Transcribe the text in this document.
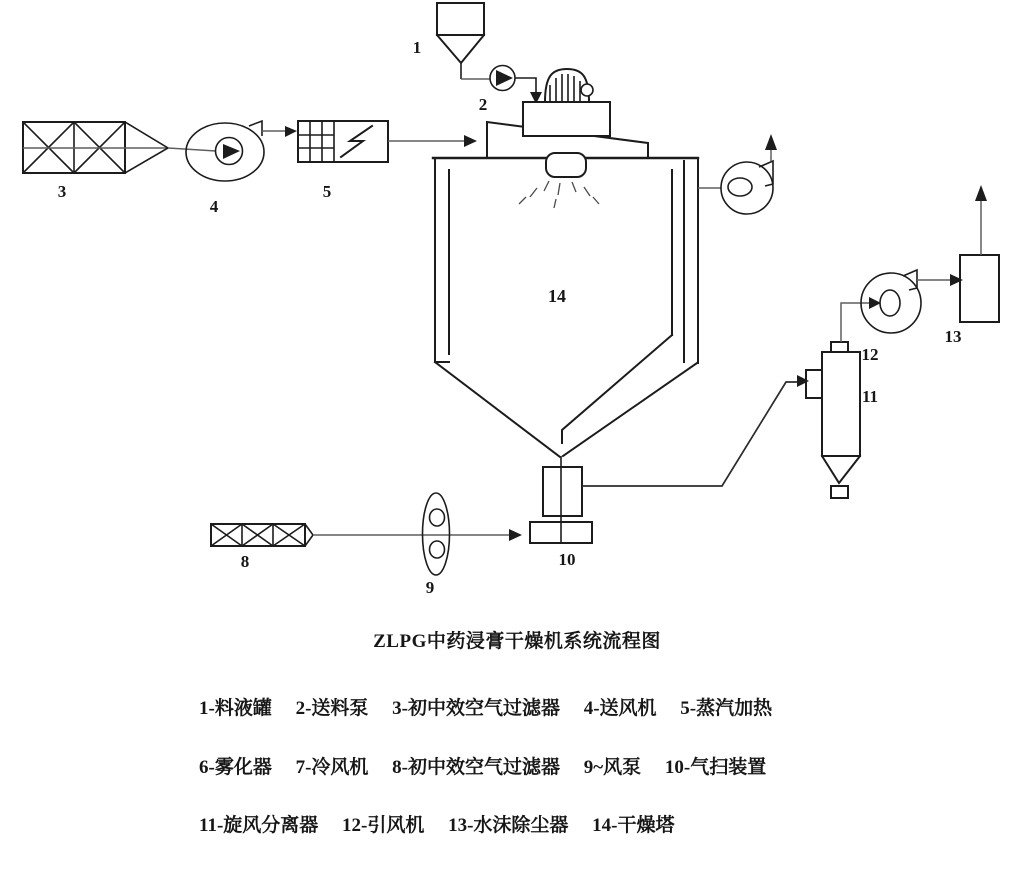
1
2
3
4
5
14
8
9
10
11
12
13
ZLPG中药浸膏干燥机系统流程图

1-料液罐　 2-送料泵　 3-初中效空气过滤器　 4-送风机　 5-蒸汽加热

6-雾化器　 7-冷风机　 8-初中效空气过滤器　 9~风泵　 10-气扫装置

11-旋风分离器　 12-引风机　 13-水沫除尘器　 14-干燥塔
